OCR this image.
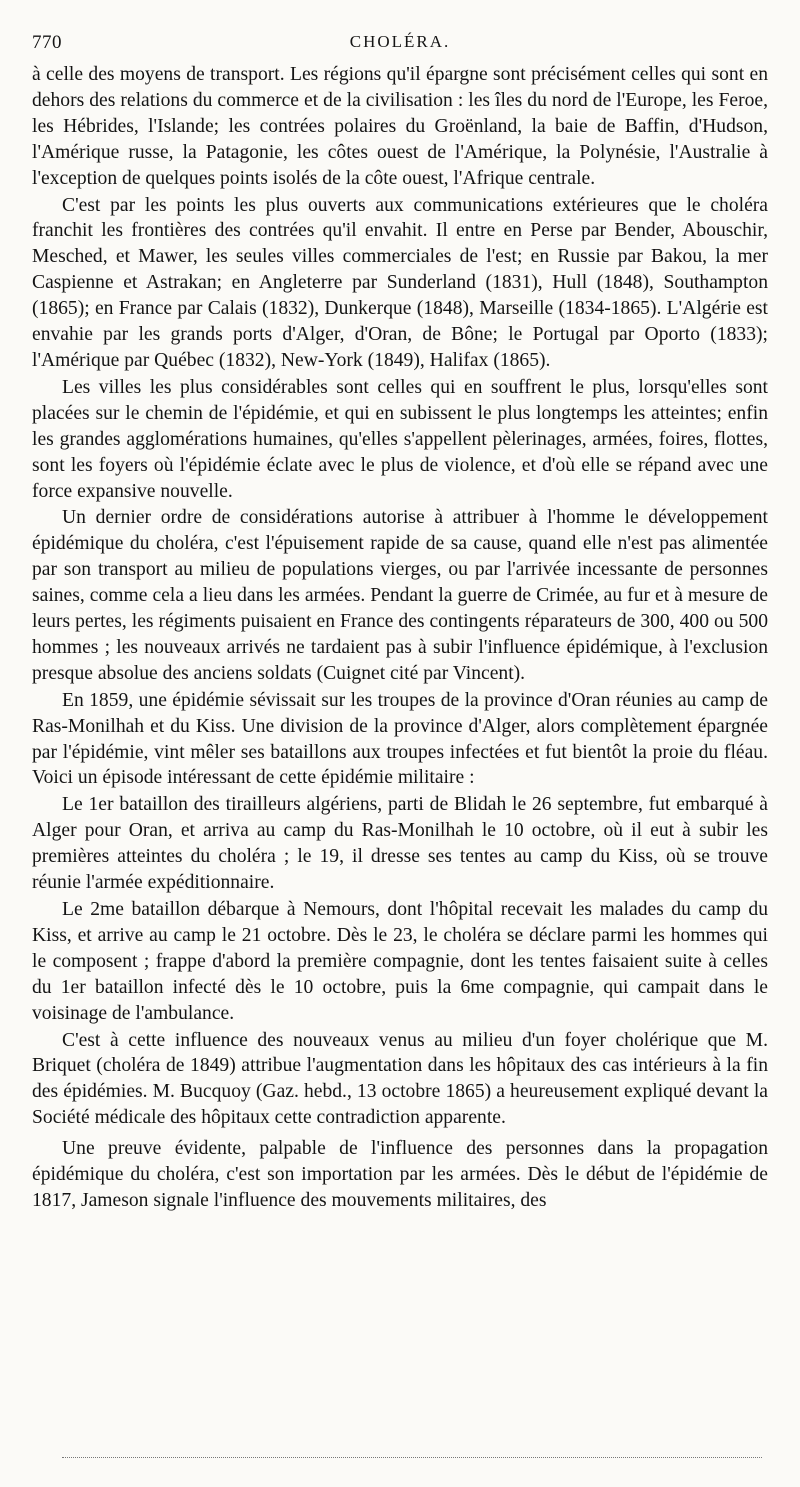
770	CHOLÉRA.

à celle des moyens de transport. Les régions qu'il épargne sont précisément celles qui sont en dehors des relations du commerce et de la civilisation : les îles du nord de l'Europe, les Feroe, les Hébrides, l'Islande; les contrées polaires du Groënland, la baie de Baffin, d'Hudson, l'Amérique russe, la Patagonie, les côtes ouest de l'Amérique, la Polynésie, l'Australie à l'exception de quelques points isolés de la côte ouest, l'Afrique centrale.

C'est par les points les plus ouverts aux communications extérieures que le choléra franchit les frontières des contrées qu'il envahit. Il entre en Perse par Bender, Abouschir, Mesched, et Mawer, les seules villes commerciales de l'est; en Russie par Bakou, la mer Caspienne et Astrakan; en Angleterre par Sunderland (1831), Hull (1848), Southampton (1865); en France par Calais (1832), Dunkerque (1848), Marseille (1834-1865). L'Algérie est envahie par les grands ports d'Alger, d'Oran, de Bône; le Portugal par Oporto (1833); l'Amérique par Québec (1832), New-York (1849), Halifax (1865).

Les villes les plus considérables sont celles qui en souffrent le plus, lorsqu'elles sont placées sur le chemin de l'épidémie, et qui en subissent le plus longtemps les atteintes; enfin les grandes agglomérations humaines, qu'elles s'appellent pèlerinages, armées, foires, flottes, sont les foyers où l'épidémie éclate avec le plus de violence, et d'où elle se répand avec une force expansive nouvelle.

Un dernier ordre de considérations autorise à attribuer à l'homme le développement épidémique du choléra, c'est l'épuisement rapide de sa cause, quand elle n'est pas alimentée par son transport au milieu de populations vierges, ou par l'arrivée incessante de personnes saines, comme cela a lieu dans les armées. Pendant la guerre de Crimée, au fur et à mesure de leurs pertes, les régiments puisaient en France des contingents réparateurs de 300, 400 ou 500 hommes ; les nouveaux arrivés ne tardaient pas à subir l'influence épidémique, à l'exclusion presque absolue des anciens soldats (Cuignet cité par Vincent).

En 1859, une épidémie sévissait sur les troupes de la province d'Oran réunies au camp de Ras-Monilhah et du Kiss. Une division de la province d'Alger, alors complètement épargnée par l'épidémie, vint mêler ses bataillons aux troupes infectées et fut bientôt la proie du fléau. Voici un épisode intéressant de cette épidémie militaire :

Le 1er bataillon des tirailleurs algériens, parti de Blidah le 26 septembre, fut embarqué à Alger pour Oran, et arriva au camp du Ras-Monilhah le 10 octobre, où il eut à subir les premières atteintes du choléra ; le 19, il dresse ses tentes au camp du Kiss, où se trouve réunie l'armée expéditionnaire.

Le 2me bataillon débarque à Nemours, dont l'hôpital recevait les malades du camp du Kiss, et arrive au camp le 21 octobre. Dès le 23, le choléra se déclare parmi les hommes qui le composent ; frappe d'abord la première compagnie, dont les tentes faisaient suite à celles du 1er bataillon infecté dès le 10 octobre, puis la 6me compagnie, qui campait dans le voisinage de l'ambulance.

C'est à cette influence des nouveaux venus au milieu d'un foyer cholérique que M. Briquet (choléra de 1849) attribue l'augmentation dans les hôpitaux des cas intérieurs à la fin des épidémies. M. Bucquoy (Gaz. hebd., 13 octobre 1865) a heureusement expliqué devant la Société médicale des hôpitaux cette contradiction apparente.

Une preuve évidente, palpable de l'influence des personnes dans la propagation épidémique du choléra, c'est son importation par les armées. Dès le début de l'épidémie de 1817, Jameson signale l'influence des mouvements militaires, des
